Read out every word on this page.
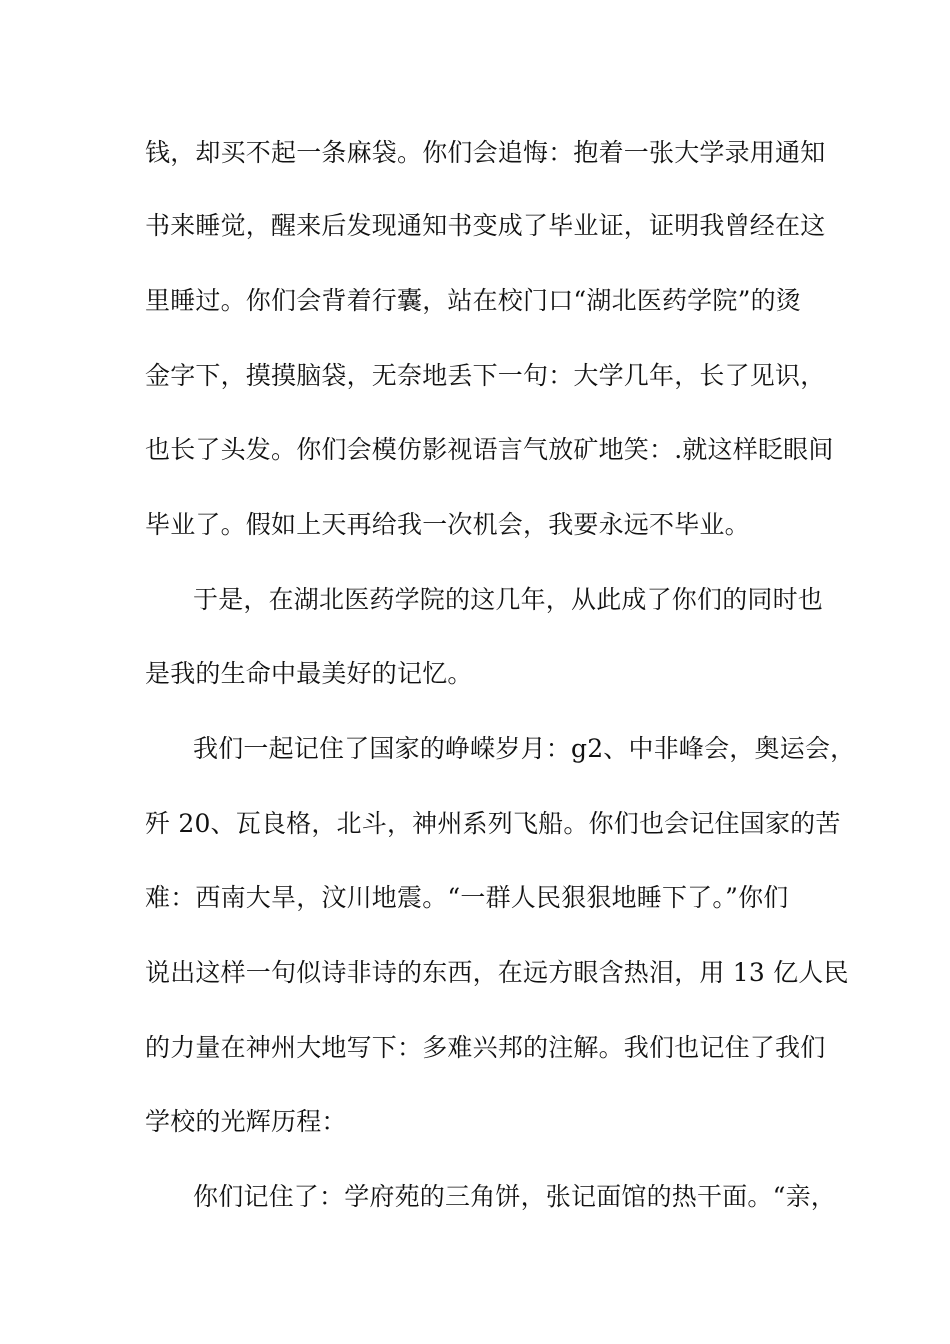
钱，却买不起一条麻袋。你们会追悔：抱着一张大学录用通知
书来睡觉，醒来后发现通知书变成了毕业证，证明我曾经在这
里睡过。你们会背着行囊，站在校门口“湖北医药学院”的烫
金字下，摸摸脑袋，无奈地丢下一句：大学几年，长了见识，
也长了头发。你们会模仿影视语言气放矿地笑：.就这样眨眼间
毕业了。假如上天再给我一次机会，我要永远不毕业。
于是，在湖北医药学院的这几年，从此成了你们的同时也
是我的生命中最美好的记忆。
我们一起记住了国家的峥嵘岁月：g2、中非峰会，奥运会，
歼 20、瓦良格，北斗，神州系列飞船。你们也会记住国家的苦
难：西南大旱，汶川地震。“一群人民狠狠地睡下了。”你们
说出这样一句似诗非诗的东西，在远方眼含热泪，用 13 亿人民
的力量在神州大地写下：多难兴邦的注解。我们也记住了我们
学校的光辉历程：
你们记住了：学府苑的三角饼，张记面馆的热干面。“亲，
